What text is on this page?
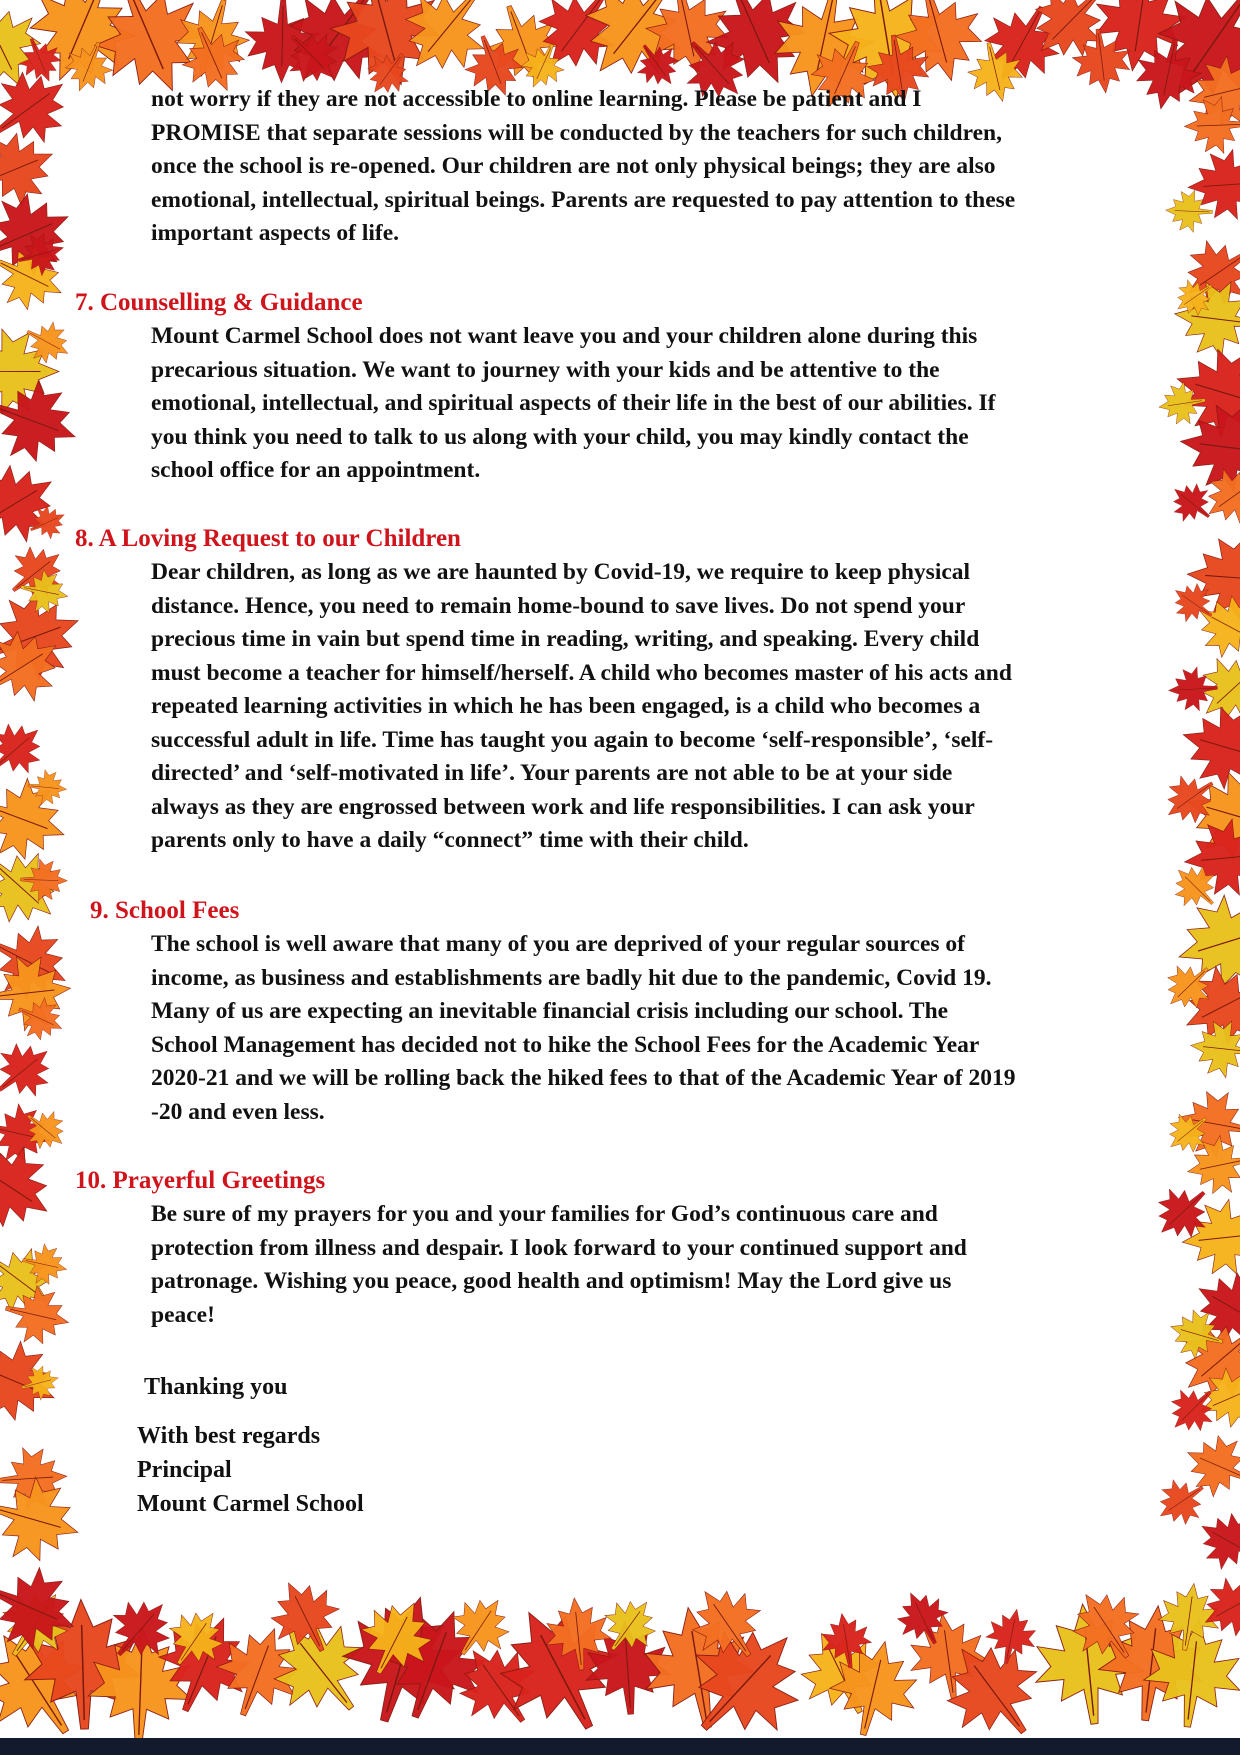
not worry if they are not accessible to online learning. Please be patient and I
PROMISE that separate sessions will be conducted by the teachers for such children,
once the school is re-opened. Our children are not only physical beings; they are also
emotional, intellectual, spiritual beings. Parents are requested to pay attention to these
important aspects of life.

7. Counselling & Guidance

Mount Carmel School does not want leave you and your children alone during this
precarious situation. We want to journey with your kids and be attentive to the
emotional, intellectual, and spiritual aspects of their life in the best of our abilities. If
you think you need to talk to us along with your child, you may kindly contact the
school office for an appointment.

8. A Loving Request to our Children

Dear children, as long as we are haunted by Covid-19, we require to keep physical
distance. Hence, you need to remain home-bound to save lives. Do not spend your
precious time in vain but spend time in reading, writing, and speaking. Every child
must become a teacher for himself/herself. A child who becomes master of his acts and
repeated learning activities in which he has been engaged, is a child who becomes a
successful adult in life. Time has taught you again to become ‘self-responsible’, ‘self-
directed’ and ‘self-motivated in life’. Your parents are not able to be at your side
always as they are engrossed between work and life responsibilities. I can ask your
parents only to have a daily “connect” time with their child.

9. School Fees

The school is well aware that many of you are deprived of your regular sources of
income, as business and establishments are badly hit due to the pandemic, Covid 19.
Many of us are expecting an inevitable financial crisis including our school. The
School Management has decided not to hike the School Fees for the Academic Year
2020-21 and we will be rolling back the hiked fees to that of the Academic Year of 2019
-20 and even less.

10. Prayerful Greetings

Be sure of my prayers for you and your families for God’s continuous care and
protection from illness and despair. I look forward to your continued support and
patronage. Wishing you peace, good health and optimism! May the Lord give us
peace!

Thanking you

With best regards

Principal

Mount Carmel School
